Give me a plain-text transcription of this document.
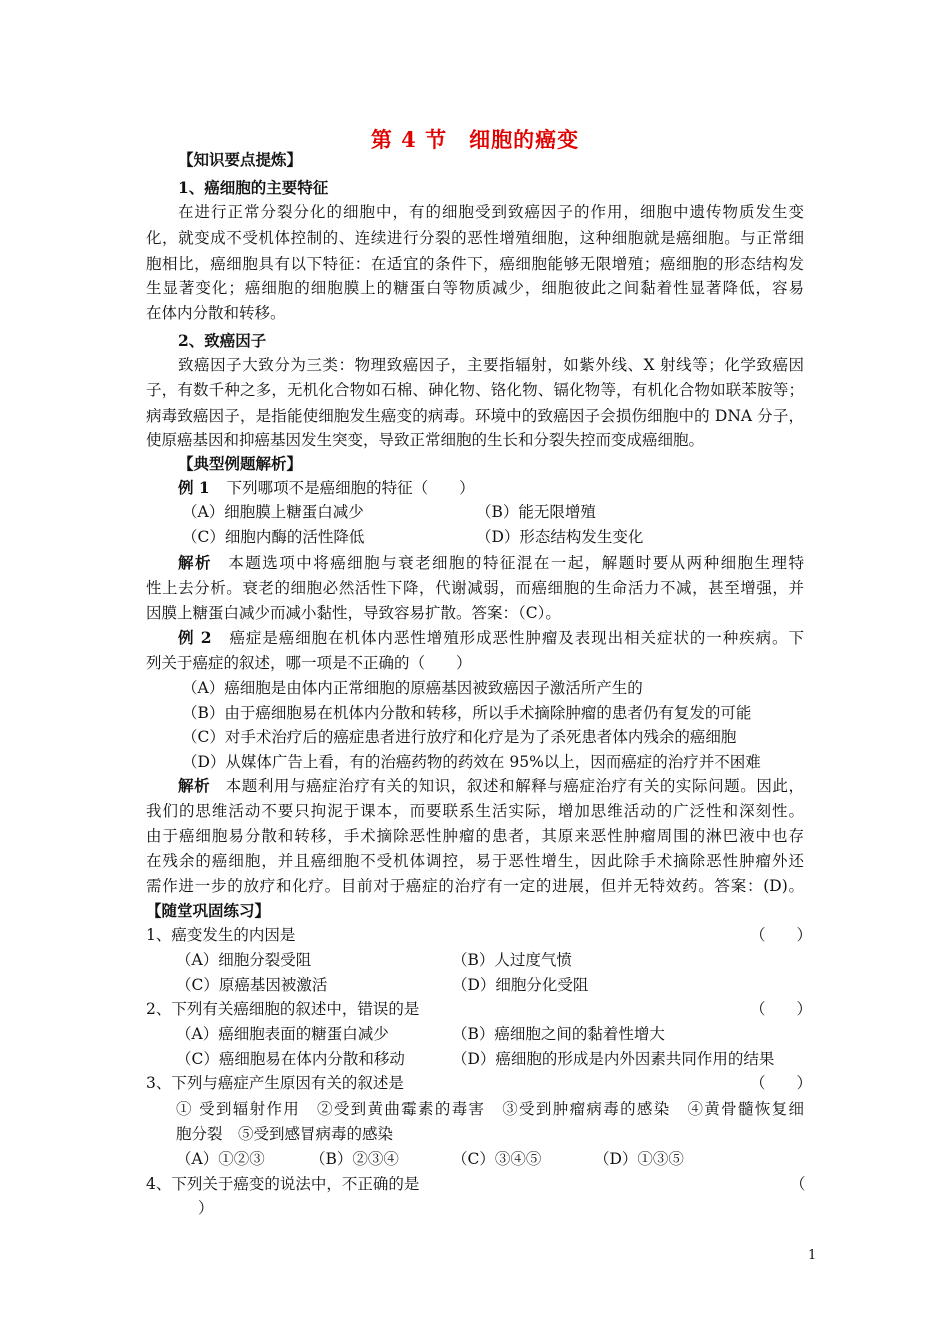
第 4 节　细胞的癌变
【知识要点提炼】
1、癌细胞的主要特征
在进行正常分裂分化的细胞中，有的细胞受到致癌因子的作用，细胞中遗传物质发生变
化，就变成不受机体控制的、连续进行分裂的恶性增殖细胞，这种细胞就是癌细胞。与正常细
胞相比，癌细胞具有以下特征：在适宜的条件下，癌细胞能够无限增殖；癌细胞的形态结构发
生显著变化；癌细胞的细胞膜上的糖蛋白等物质减少，细胞彼此之间黏着性显著降低，容易
在体内分散和转移。
2、致癌因子
致癌因子大致分为三类：物理致癌因子，主要指辐射，如紫外线、X 射线等；化学致癌因
子，有数千种之多，无机化合物如石棉、砷化物、铬化物、镉化物等，有机化合物如联苯胺等；
病毒致癌因子，是指能使细胞发生癌变的病毒。环境中的致癌因子会损伤细胞中的 DNA 分子，
使原癌基因和抑癌基因发生突变，导致正常细胞的生长和分裂失控而变成癌细胞。
【典型例题解析】
例 1 下列哪项不是癌细胞的特征（　　）
（A）细胞膜上糖蛋白减少	（B）能无限增殖
（C）细胞内酶的活性降低	（D）形态结构发生变化
解析 本题选项中将癌细胞与衰老细胞的特征混在一起，解题时要从两种细胞生理特
性上去分析。衰老的细胞必然活性下降，代谢减弱，而癌细胞的生命活力不减，甚至增强，并
因膜上糖蛋白减少而减小黏性，导致容易扩散。答案：（C）。
例 2 癌症是癌细胞在机体内恶性增殖形成恶性肿瘤及表现出相关症状的一种疾病。下
列关于癌症的叙述，哪一项是不正确的（　　）
（A）癌细胞是由体内正常细胞的原癌基因被致癌因子激活所产生的
（B）由于癌细胞易在机体内分散和转移，所以手术摘除肿瘤的患者仍有复发的可能
（C）对手术治疗后的癌症患者进行放疗和化疗是为了杀死患者体内残余的癌细胞
（D）从媒体广告上看，有的治癌药物的药效在 95%以上，因而癌症的治疗并不困难
解析 本题利用与癌症治疗有关的知识，叙述和解释与癌症治疗有关的实际问题。因此，
我们的思维活动不要只拘泥于课本，而要联系生活实际，增加思维活动的广泛性和深刻性。
由于癌细胞易分散和转移，手术摘除恶性肿瘤的患者，其原来恶性肿瘤周围的淋巴液中也存
在残余的癌细胞，并且癌细胞不受机体调控，易于恶性增生，因此除手术摘除恶性肿瘤外还
需作进一步的放疗和化疗。目前对于癌症的治疗有一定的进展，但并无特效药。答案：(D)。
【随堂巩固练习】
1、癌变发生的内因是	（　　）
（A）细胞分裂受阻	（B）人过度气愤
（C）原癌基因被激活	（D）细胞分化受阻
2、下列有关癌细胞的叙述中，错误的是	（　　）
（A）癌细胞表面的糖蛋白减少	（B）癌细胞之间的黏着性增大
（C）癌细胞易在体内分散和移动	（D）癌细胞的形成是内外因素共同作用的结果
3、下列与癌症产生原因有关的叙述是	（　　）
① 受到辐射作用　②受到黄曲霉素的毒害　③受到肿瘤病毒的感染　④黄骨髓恢复细
胞分裂　⑤受到感冒病毒的感染
（A）①②③	（B）②③④	（C）③④⑤	（D）①③⑤
4、下列关于癌变的说法中，不正确的是	（
）
1
